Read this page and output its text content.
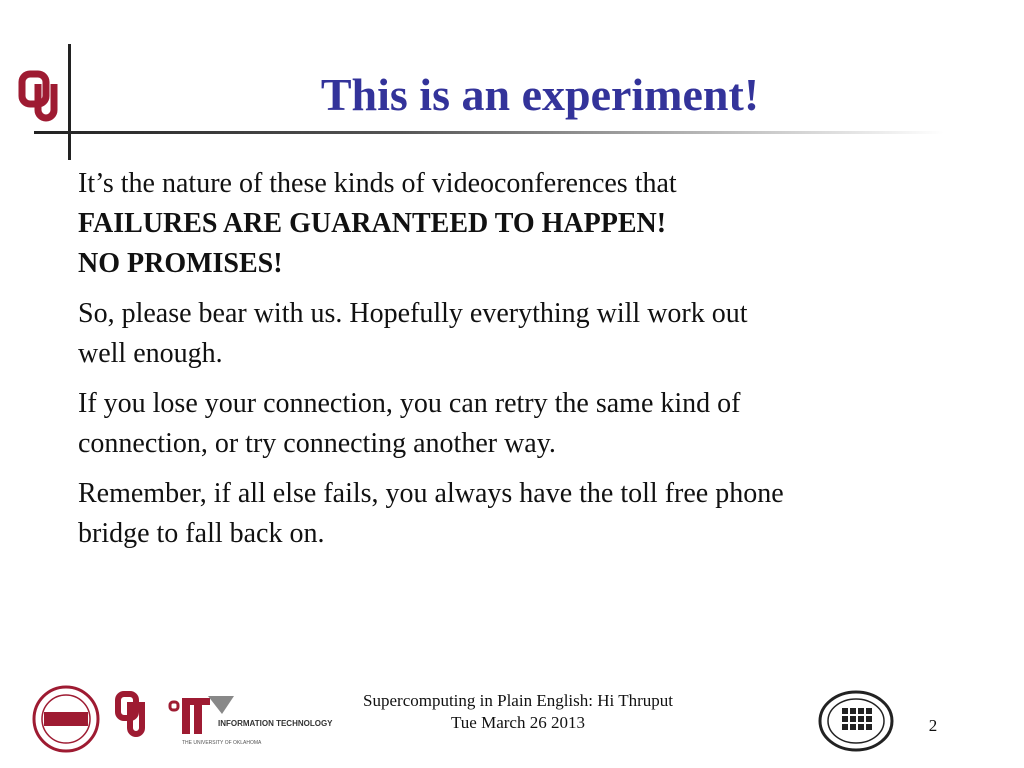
This is an experiment!

It’s the nature of these kinds of videoconferences that
FAILURES ARE GUARANTEED TO HAPPEN!
NO PROMISES!

So, please bear with us. Hopefully everything will work out
well enough.

If you lose your connection, you can retry the same kind of
connection, or try connecting another way.

Remember, if all else fails, you always have the toll free phone
bridge to fall back on.

INFORMATION TECHNOLOGY
THE UNIVERSITY OF OKLAHOMA
Supercomputing in Plain English: Hi Thruput
Tue March 26 2013	2
